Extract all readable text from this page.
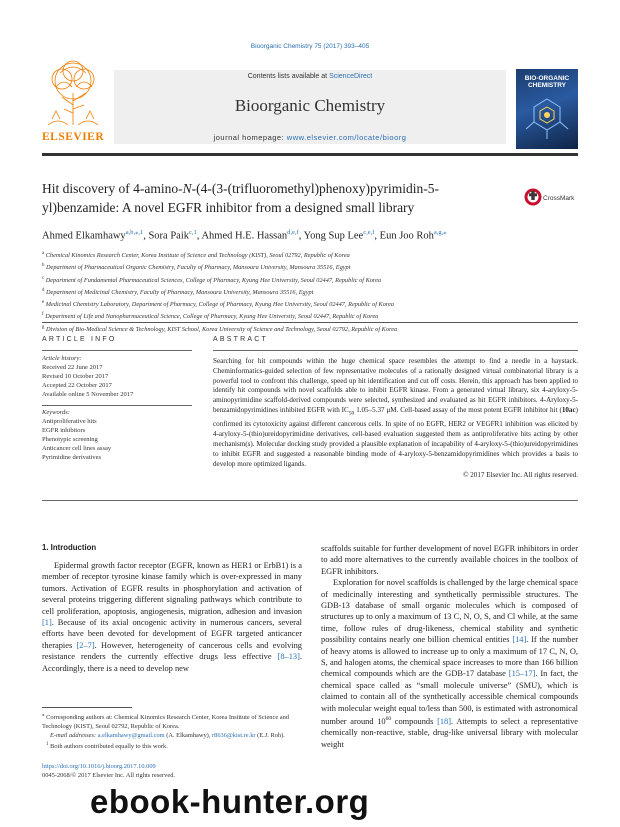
Bioorganic Chemistry 75 (2017) 393–405
ELSEVIER
Contents lists available at ScienceDirect
Bioorganic Chemistry
journal homepage: www.elsevier.com/locate/bioorg
BIO-ORGANIC
CHEMISTRY
Hit discovery of 4-amino-N-(4-(3-(trifluoromethyl)phenoxy)pyrimidin-5-yl)benzamide: A novel EGFR inhibitor from a designed small library
CrossMark
Ahmed Elkamhawy$^{a,b,⁎,1}$, Sora Paik$^{c,1}$, Ahmed H.E. Hassan$^{d,e,f}$, Yong Sup Lee$^{c,e,f}$, Eun Joo Roh$^{a,g,⁎}$
$^a$ Chemical Kinomics Research Center, Korea Institute of Science and Technology (KIST), Seoul 02792, Republic of Korea
$^b$ Department of Pharmaceutical Organic Chemistry, Faculty of Pharmacy, Mansoura University, Mansoura 35516, Egypt
$^c$ Department of Fundamental Pharmaceutical Sciences, College of Pharmacy, Kyung Hee University, Seoul 02447, Republic of Korea
$^d$ Department of Medicinal Chemistry, Faculty of Pharmacy, Mansoura University, Mansoura 35516, Egypt
$^e$ Medicinal Chemistry Laboratory, Department of Pharmacy, College of Pharmacy, Kyung Hee University, Seoul 02447, Republic of Korea
$^f$ Department of Life and Nanopharmaceutical Science, College of Pharmacy, Kyung Hee University, Seoul 02447, Republic of Korea
$^g$ Division of Bio-Medical Science & Technology, KIST School, Korea University of Science and Technology, Seoul 02792, Republic of Korea
ARTICLE INFO
Article history:
Received 22 June 2017
Revised 10 October 2017
Accepted 22 October 2017
Available online 5 November 2017
Keywords:
Antiproliferative hits
EGFR inhibitors
Phenotypic screening
Anticancer cell lines assay
Pyrimidine derivatives
ABSTRACT
Searching for hit compounds within the huge chemical space resembles the attempt to find a needle in a haystack. Cheminformatics-guided selection of few representative molecules of a rationally designed virtual combinatorial library is a powerful tool to confront this challenge, speed up hit identification and cut off costs. Herein, this approach has been applied to identify hit compounds with novel scaffolds able to inhibit EGFR kinase. From a generated virtual library, six 4-aryloxy-5-aminopyrimidine scaffold-derived compounds were selected, synthesized and evaluated as hit EGFR inhibitors. 4-Aryloxy-5-benzamidopyrimidines inhibited EGFR with $IC_{50}$ 1.05–5.37 μM. Cell-based assay of the most potent EGFR inhibitor hit (10ac) confirmed its cytotoxicity against different cancerous cells. In spite of no EGFR, HER2 or VEGFR1 inhibition was elicited by 4-aryloxy-5-(thio)ureidopyrimidine derivatives, cell-based evaluation suggested them as antiproliferative hits acting by other mechanism(s). Molecular docking study provided a plausible explanation of incapability of 4-aryloxy-5-(thio)ureidopyrimidines to inhibit EGFR and suggested a reasonable binding mode of 4-aryloxy-5-benzamidopyrimidines which provides a basis to develop more optimized ligands.
© 2017 Elsevier Inc. All rights reserved.
1. Introduction

Epidermal growth factor receptor (EGFR, known as HER1 or ErbB1) is a member of receptor tyrosine kinase family which is over-expressed in many tumors. Activation of EGFR results in phosphorylation and activation of several proteins triggering different signaling pathways which contribute to cell proliferation, apoptosis, angiogenesis, migration, adhesion and invasion [1]. Because of its axial oncogenic activity in numerous cancers, several efforts have been devoted for development of EGFR targeted anticancer therapies [2–7]. However, heterogeneity of cancerous cells and evolving resistance renders the currently effective drugs less effective [8–13]. Accordingly, there is a need to develop new

scaffolds suitable for further development of novel EGFR inhibitors in order to add more alternatives to the currently available choices in the toolbox of EGFR inhibitors.

Exploration for novel scaffolds is challenged by the large chemical space of medicinally interesting and synthetically permissible structures. The GDB-13 database of small organic molecules which is composed of structures up to only a maximum of 13 C, N, O, S, and Cl while, at the same time, follow rules of drug-likeness, chemical stability and synthetic possibility contains nearly one billion chemical entities [14]. If the number of heavy atoms is allowed to increase up to only a maximum of 17 C, N, O, S, and halogen atoms, the chemical space increases to more than 166 billion chemical compounds which are the GDB-17 database [15–17]. In fact, the chemical space called as “small molecule universe” (SMU), which is claimed to contain all of the synthetically accessible chemical compounds with molecular weight equal to/less than 500, is estimated with astronomical number around $10^{60}$ compounds [18]. Attempts to select a representative chemically non-reactive, stable, drug-like universal library with molecular weight

⁎ Corresponding authors at: Chemical Kinomics Research Center, Korea Institute of Science and Technology (KIST), Seoul 02792, Republic of Korea.
E-mail addresses: a.elkamhawy@gmail.com (A. Elkamhawy), r8636@kist.re.kr (E.J. Roh).
$^1$ Both authors contributed equally to this work.
https://doi.org/10.1016/j.bioorg.2017.10.009
0045-2068/© 2017 Elsevier Inc. All rights reserved.
ebook-hunter.org
